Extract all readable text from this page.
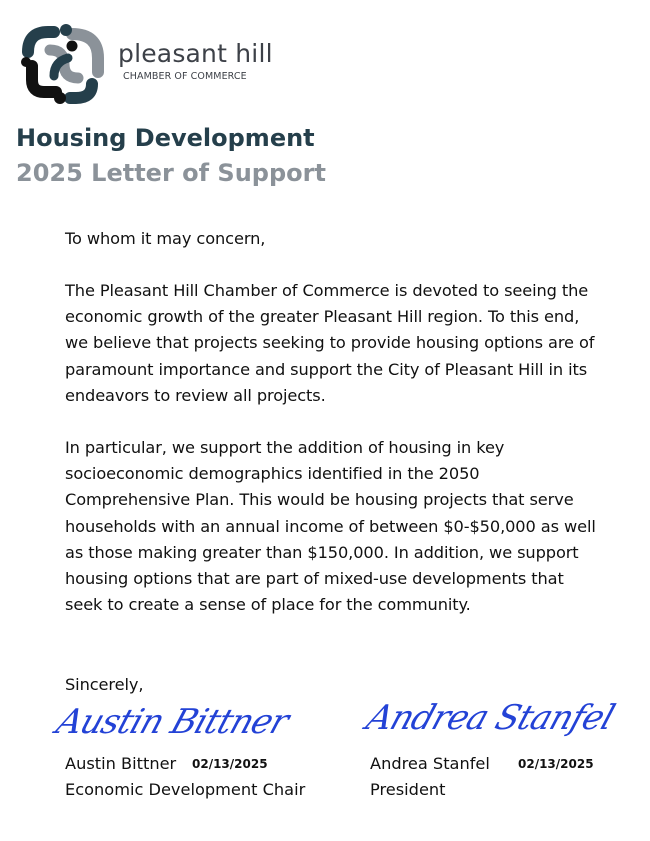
pleasant hill
CHAMBER OF COMMERCE
Housing Development
2025 Letter of Support
To whom it may concern,
The Pleasant Hill Chamber of Commerce is devoted to seeing the economic growth of the greater Pleasant Hill region. To this end, we believe that projects seeking to provide housing options are of paramount importance and support the City of Pleasant Hill in its endeavors to review all projects.
In particular, we support the addition of housing in key socioeconomic demographics identified in the 2050 Comprehensive Plan. This would be housing projects that serve households with an annual income of between $0-$50,000 as well as those making greater than $150,000. In addition, we support housing options that are part of mixed-use developments that seek to create a sense of place for the community.
Sincerely,
Austin Bittner
Austin Bittner 02/13/2025
Economic Development Chair
Andrea Stanfel
Andrea Stanfel 02/13/2025
President
